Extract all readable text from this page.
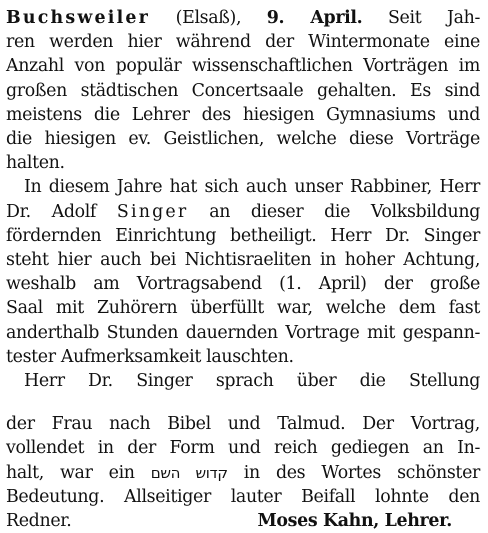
Buchsweiler (Elsaß), 9. April. Seit Jah-
ren werden hier während der Wintermonate eine
Anzahl von populär wissenschaftlichen Vorträgen im
großen städtischen Concertsaale gehalten. Es sind
meistens die Lehrer des hiesigen Gymnasiums und
die hiesigen ev. Geistlichen, welche diese Vorträge
halten.
In diesem Jahre hat sich auch unser Rabbiner, Herr
Dr. Adolf Singer an dieser die Volksbildung
fördernden Einrichtung betheiligt. Herr Dr. Singer
steht hier auch bei Nichtisraeliten in hoher Achtung,
weshalb am Vortragsabend (1. April) der große
Saal mit Zuhörern überfüllt war, welche dem fast
anderthalb Stunden dauernden Vortrage mit gespann-
tester Aufmerksamkeit lauschten.
Herr Dr. Singer sprach über die Stellung
der Frau nach Bibel und Talmud. Der Vortrag,
vollendet in der Form und reich gediegen an In-
halt, war ein קדוש השם in des Wortes schönster
Bedeutung. Allseitiger lauter Beifall lohnte den
Redner.	Moses Kahn, Lehrer.
